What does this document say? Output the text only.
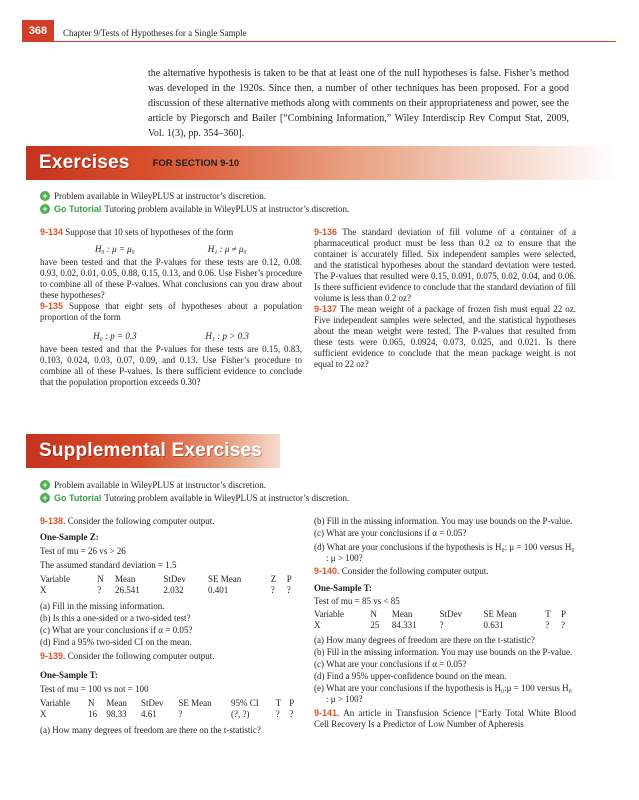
368	Chapter 9/Tests of Hypotheses for a Single Sample

the alternative hypothesis is taken to be that at least one of the null hypotheses is false. Fisher’s method was developed in the 1920s. Since then, a number of other techniques has been proposed. For a good discussion of these alternative methods along with comments on their appropriateness and power, see the article by Piegorsch and Bailer [“Combining Information,” Wiley Interdiscip Rev Comput Stat, 2009, Vol. 1(3), pp. 354–360].

Exercises FOR SECTION 9-10
+ Problem available in WileyPLUS at instructor’s discretion.
+ Go Tutorial Tutoring problem available in WileyPLUS at instructor’s discretion.

9-134 Suppose that 10 sets of hypotheses of the form

H₀ : μ = μ₀	H₁ : μ ≠ μ₀

have been tested and that the P-values for these tests are 0.12, 0.08. 0.93, 0.02, 0.01, 0.05, 0.88, 0.15, 0.13, and 0.06. Use Fisher’s procedure to combine all of these P-values. What conclusions can you draw about these hypotheses?

9-135 Suppose that eight sets of hypotheses about a population proportion of the form

H₀ : p = 0.3	H₁ : p > 0.3

have been tested and that the P-values for these tests are 0.15, 0.83, 0.103, 0.024, 0.03, 0.07, 0.09, and 0.13. Use Fisher’s procedure to combine all of these P-values. Is there sufficient evidence to conclude that the population proportion exceeds 0.30?

9-136 The standard deviation of fill volume of a container of a pharmaceutical product must be less than 0.2 oz to ensure that the container is accurately filled. Six independent samples were selected, and the statistical hypotheses about the standard deviation were tested. The P-values that resulted were 0.15, 0.091, 0.075, 0.02, 0.04, and 0.06. Is there sufficient evidence to conclude that the standard deviation of fill volume is less than 0.2 oz?

9-137 The mean weight of a package of frozen fish must equal 22 oz. Five independent samples were selected, and the statistical hypotheses about the mean weight were tested. The P-values that resulted from these tests were 0.065, 0.0924, 0.073, 0.025, and 0.021. Is there sufficient evidence to conclude that the mean package weight is not equal to 22 oz?

Supplemental Exercises
+ Problem available in WileyPLUS at instructor’s discretion.
+ Go Tutorial Tutoring problem available in WileyPLUS at instructor’s discretion.

9-138. Consider the following computer output.

One-Sample Z:
Test of mu = 26 vs > 26
The assumed standard deviation = 1.5
Variable	N	Mean	StDev	SE Mean	Z	P
X	?	26.541	2.032	0.401	?	?
(a) Fill in the missing information.
(b) Is this a one-sided or a two-sided test?
(c) What are your conclusions if α = 0.05?
(d) Find a 95% two-sided CI on the mean.

9-139. Consider the following computer output.

One-Sample T:
Test of mu = 100 vs not = 100
Variable	N	Mean	StDev	SE Mean	95% CI	T	P
X	16	98.33	4.61	?	(?, ?)	?	?
(a) How many degrees of freedom are there on the t-statistic?
(b) Fill in the missing information. You may use bounds on the P-value.
(c) What are your conclusions if α = 0.05?
(d) What are your conclusions if the hypothesis is H₀: μ = 100 versus H₀ : μ > 100?

9-140. Consider the following computer output.

One-Sample T:
Test of mu = 85 vs < 85
Variable	N	Mean	StDev	SE Mean	T	P
X	25	84.331	?	0.631	?	?
(a) How many degrees of freedom are there on the t-statistic?
(b) Fill in the missing information. You may use bounds on the P-value.
(c) What are your conclusions if α = 0.05?
(d) Find a 95% upper-confidence bound on the mean.
(e) What are your conclusions if the hypothesis is H₀:μ = 100 versus H₀ : μ > 100?

9-141. An article in Transfusion Science [“Early Total White Blood Cell Recovery Is a Predictor of Low Number of Apheresis
